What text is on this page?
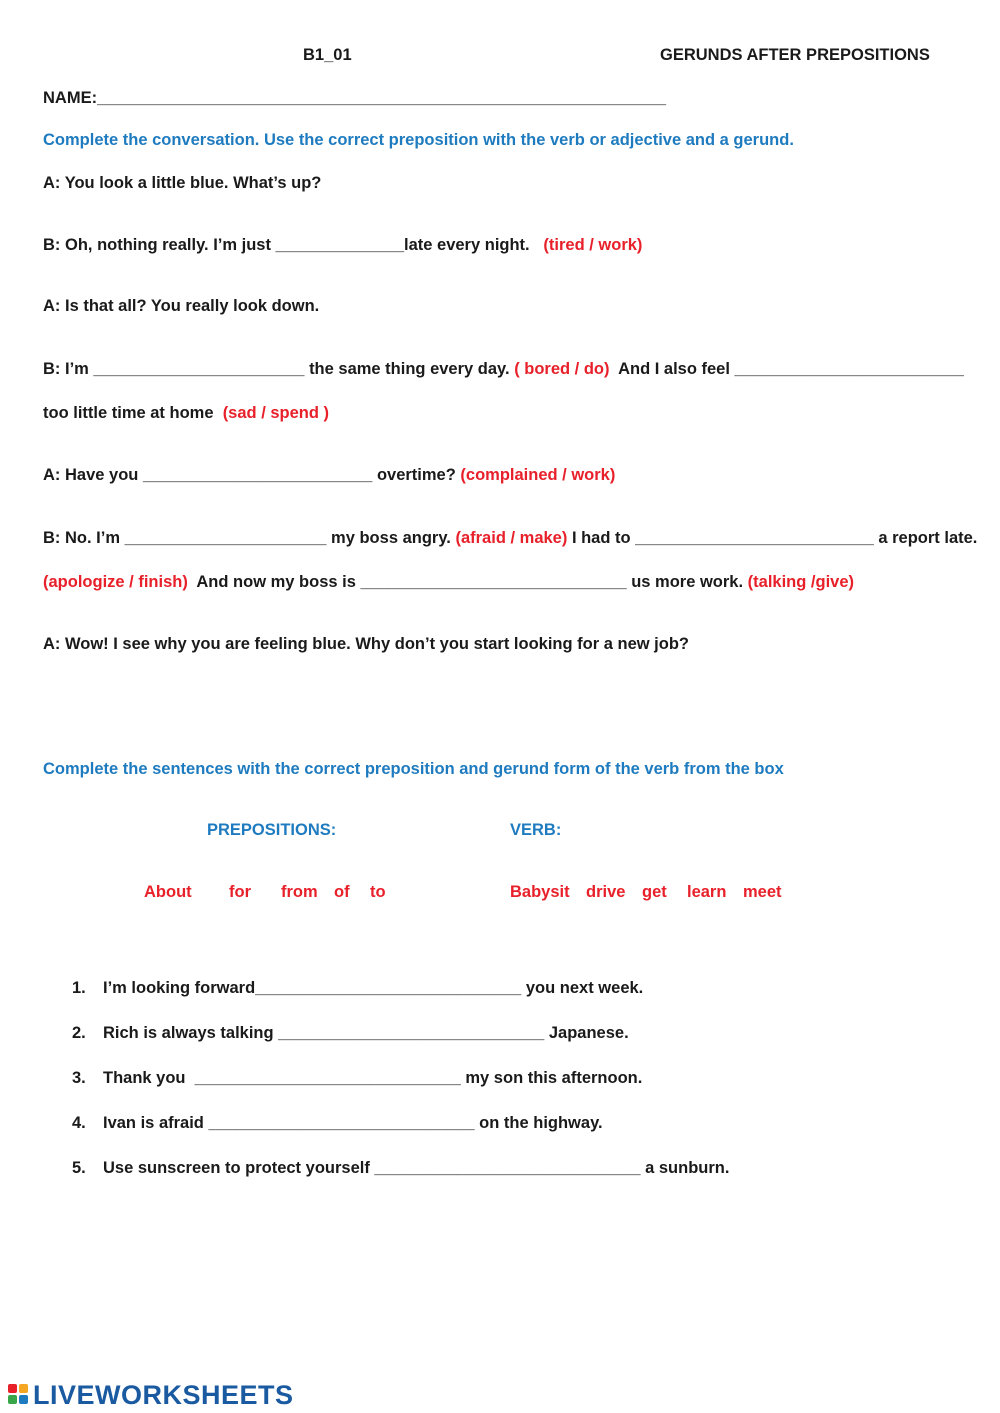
B1_01	GERUNDS AFTER PREPOSITIONS
NAME:______________________________________________________________
Complete the conversation. Use the correct preposition with the verb or adjective and a gerund.
A: You look a little blue. What’s up?
B: Oh, nothing really. I’m just ______________late every night. (tired / work)
A: Is that all? You really look down.
B: I’m _______________________ the same thing every day. ( bored / do) And I also feel _________________________
too little time at home (sad / spend )
A: Have you _________________________ overtime? (complained / work)
B: No. I’m ______________________ my boss angry. (afraid / make) I had to __________________________ a report late.
(apologize / finish) And now my boss is _____________________________ us more work. (talking /give)
A: Wow! I see why you are feeling blue. Why don’t you start looking for a new job?
Complete the sentences with the correct preposition and gerund form of the verb from the box
PREPOSITIONS:	VERB:
About for from of to	Babysit drive get learn meet
1. I’m looking forward_____________________________ you next week.
2. Rich is always talking _____________________________ Japanese.
3. Thank you  _____________________________ my son this afternoon.
4. Ivan is afraid _____________________________ on the highway.
5. Use sunscreen to protect yourself _____________________________ a sunburn.
LIVEWORKSHEETS
